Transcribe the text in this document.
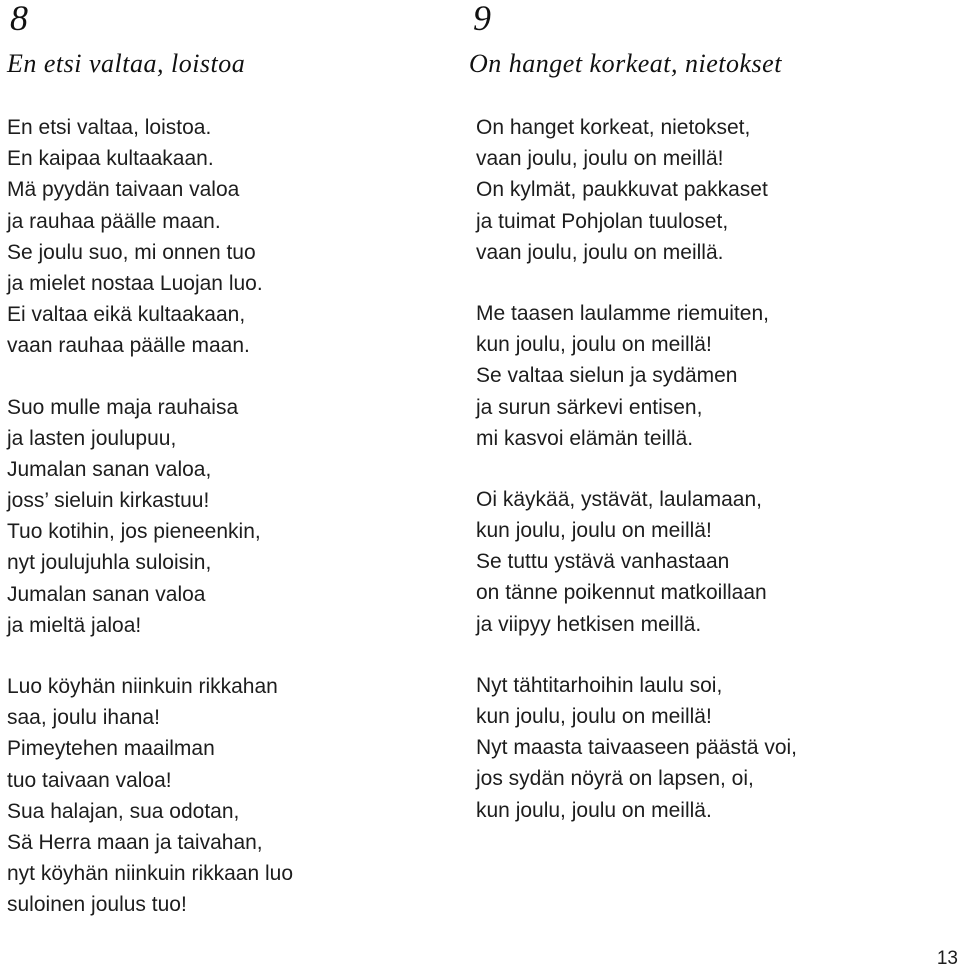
8
En etsi valtaa, loistoa
En etsi valtaa, loistoa.
En kaipaa kultaakaan.
Mä pyydän taivaan valoa
ja rauhaa päälle maan.
Se joulu suo, mi onnen tuo
ja mielet nostaa Luojan luo.
Ei valtaa eikä kultaakaan,
vaan rauhaa päälle maan.
Suo mulle maja rauhaisa
ja lasten joulupuu,
Jumalan sanan valoa,
joss’ sieluin kirkastuu!
Tuo kotihin, jos pieneenkin,
nyt joulujuhla suloisin,
Jumalan sanan valoa
ja mieltä jaloa!
Luo köyhän niinkuin rikkahan
saa, joulu ihana!
Pimeytehen maailman
tuo taivaan valoa!
Sua halajan, sua odotan,
Sä Herra maan ja taivahan,
nyt köyhän niinkuin rikkaan luo
suloinen joulus tuo!
9
On hanget korkeat, nietokset
On hanget korkeat, nietokset,
vaan joulu, joulu on meillä!
On kylmät, paukkuvat pakkaset
ja tuimat Pohjolan tuuloset,
vaan joulu, joulu on meillä.
Me taasen laulamme riemuiten,
kun joulu, joulu on meillä!
Se valtaa sielun ja sydämen
ja surun särkevi entisen,
mi kasvoi elämän teillä.
Oi käykää, ystävät, laulamaan,
kun joulu, joulu on meillä!
Se tuttu ystävä vanhastaan
on tänne poikennut matkoillaan
ja viipyy hetkisen meillä.
Nyt tähtitarhoihin laulu soi,
kun joulu, joulu on meillä!
Nyt maasta taivaaseen päästä voi,
jos sydän nöyrä on lapsen, oi,
kun joulu, joulu on meillä.
13
